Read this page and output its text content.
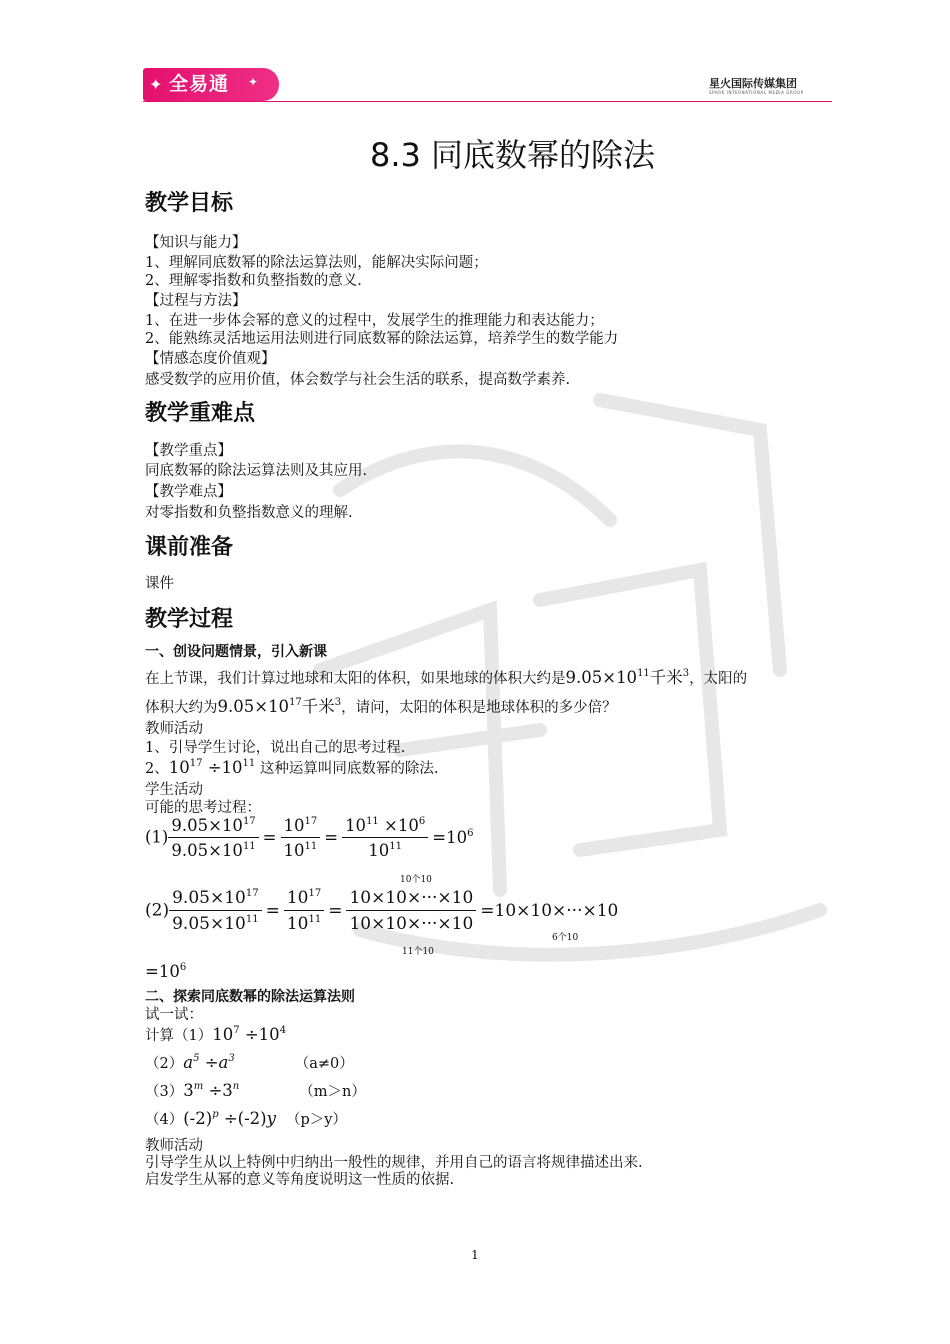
✦ 全易通 ✦	星火国际传媒集团
SPARK INTERNATIONAL MEDIA GROUP
8.3 同底数幂的除法
教学目标
【知识与能力】
1、理解同底数幂的除法运算法则，能解决实际问题；
2、理解零指数和负整指数的意义.
【过程与方法】
1、在进一步体会幂的意义的过程中，发展学生的推理能力和表达能力；
2、能熟练灵活地运用法则进行同底数幂的除法运算，培养学生的数学能力
【情感态度价值观】
感受数学的应用价值，体会数学与社会生活的联系，提高数学素养.
教学重难点
【教学重点】
同底数幂的除法运算法则及其应用.
【教学难点】
对零指数和负整指数意义的理解.
课前准备
课件
教学过程
一、创设问题情景，引入新课
在上节课，我们计算过地球和太阳的体积，如果地球的体积大约是$9.05\times 10^{11}$千米$^3$，太阳的
体积大约为$9.05\times 10^{17}$千米$^3$，请问，太阳的体积是地球体积的多少倍？
教师活动
1、引导学生讨论，说出自己的思考过程.
2、$10^{17} \div 10^{11}$ 这种运算叫同底数幂的除法.
学生活动
可能的思考过程：
$(1) \frac{9.05\times 10^{17}}{9.05\times 10^{11}} = \frac{10^{17}}{10^{11}} = \frac{10^{11} \times 10^6}{10^{11}} =10^6$
10个10
$(2) \frac{9.05\times 10^{17}}{9.05\times 10^{11}} = \frac{10^{17}}{10^{11}} = \frac{10\times 10\times\cdot\cdot\cdot\times 10}{10\times 10\times\cdot\cdot\cdot\times 10} =10\times 10\times\cdot\cdot\cdot\times 10$
11个10
6个10
$=10^6$
二、探索同底数幂的除法运算法则
试一试：
计算$(1)10^7 \div 10^4$
$(2)a^5 \div a^3$	（a≠0）
$(3)3^m \div 3^n$	（m＞n）
$(4)(-2)^p \div(-2)y$ （p＞y）
教师活动
引导学生从以上特例中归纳出一般性的规律，并用自己的语言将规律描述出来.
启发学生从幂的意义等角度说明这一性质的依据.
1
